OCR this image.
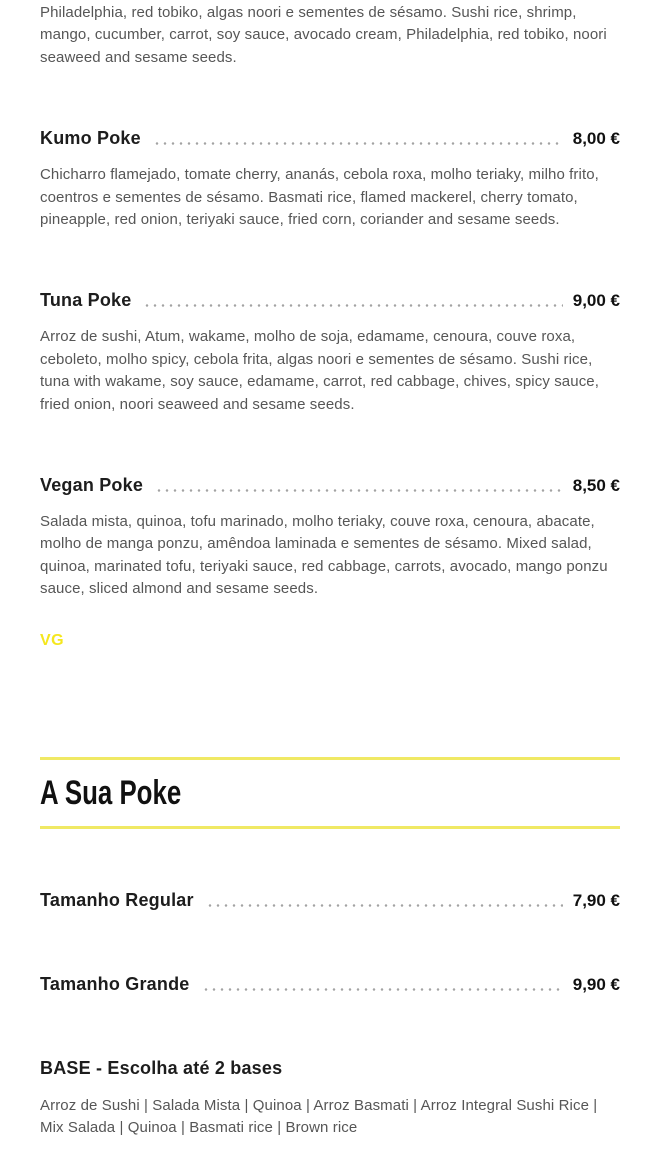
Philadelphia, red tobiko, algas noori e sementes de sésamo. Sushi rice, shrimp, mango, cucumber, carrot, soy sauce, avocado cream, Philadelphia, red tobiko, noori seaweed and sesame seeds.

Kumo Poke	8,00 €

Chicharro flamejado, tomate cherry, ananás, cebola roxa, molho teriaky, milho frito, coentros e sementes de sésamo. Basmati rice, flamed mackerel, cherry tomato, pineapple, red onion, teriyaki sauce, fried corn, coriander and sesame seeds.

Tuna Poke	9,00 €

Arroz de sushi, Atum, wakame, molho de soja, edamame, cenoura, couve roxa, ceboleto, molho spicy, cebola frita, algas noori e sementes de sésamo. Sushi rice, tuna with wakame, soy sauce, edamame, carrot, red cabbage, chives, spicy sauce, fried onion, noori seaweed and sesame seeds.

Vegan Poke	8,50 €

Salada mista, quinoa, tofu marinado, molho teriaky, couve roxa, cenoura, abacate, molho de manga ponzu, amêndoa laminada e sementes de sésamo. Mixed salad, quinoa, marinated tofu, teriyaki sauce, red cabbage, carrots, avocado, mango ponzu sauce, sliced almond and sesame seeds.

VG
A Sua Poke
Tamanho Regular	7,90 €
Tamanho Grande	9,90 €
BASE - Escolha até 2 bases

Arroz de Sushi | Salada Mista | Quinoa | Arroz Basmati | Arroz Integral Sushi Rice | Mix Salada | Quinoa | Basmati rice | Brown rice
